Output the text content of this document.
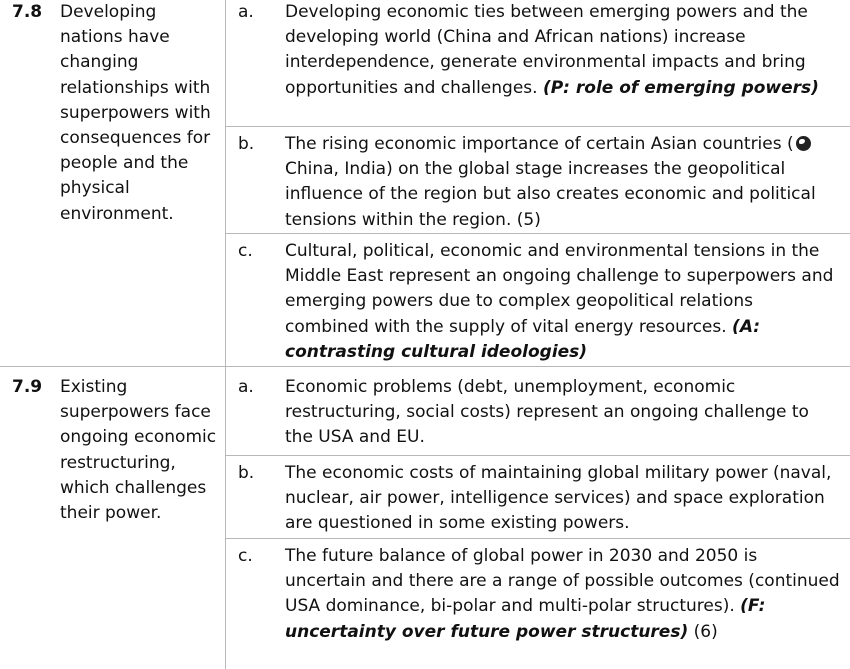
7.8 Developing nations have changing relationships with superpowers with consequences for people and the physical environment.	a.	Developing economic ties between emerging powers and the developing world (China and African nations) increase interdependence, generate environmental impacts and bring opportunities and challenges. (P: role of emerging powers)

	b.	The rising economic importance of certain Asian countries ( China, India) on the global stage increases the geopolitical influence of the region but also creates economic and political tensions within the region. (5)

	c.	Cultural, political, economic and environmental tensions in the Middle East represent an ongoing challenge to superpowers and emerging powers due to complex geopolitical relations combined with the supply of vital energy resources. (A: contrasting cultural ideologies)

7.9 Existing superpowers face ongoing economic restructuring, which challenges their power.	a.	Economic problems (debt, unemployment, economic restructuring, social costs) represent an ongoing challenge to the USA and EU.

	b.	The economic costs of maintaining global military power (naval, nuclear, air power, intelligence services) and space exploration are questioned in some existing powers.

	c.	The future balance of global power in 2030 and 2050 is uncertain and there are a range of possible outcomes (continued USA dominance, bi-polar and multi-polar structures). (F: uncertainty over future power structures) (6)
